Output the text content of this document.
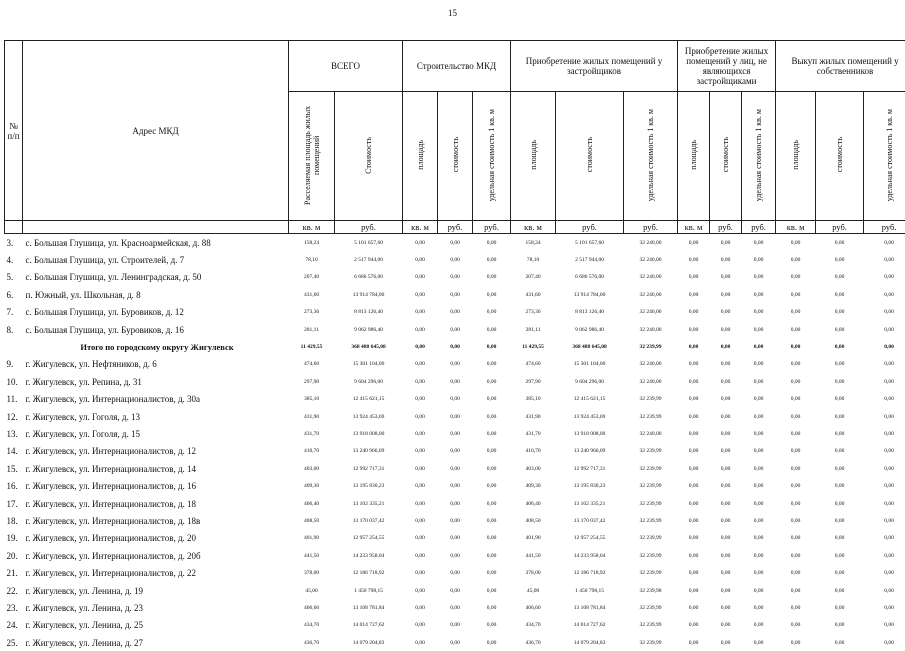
15
№ п/п	Адрес МКД	ВСЕГО		Строительство МКД			Приобретение жилых помещений у застройщиков			Приобретение жилых помещений у лиц, не являющихся застройщиками			Выкуп жилых помещений у собственников		
		Расселяемая площадь жилых помещений	Стоимость	площадь	стоимость	удельная стоимость 1 кв. м	площадь	стоимость	удельная стоимость 1 кв. м	площадь	стоимость	удельная стоимость 1 кв. м	площадь	стоимость	удельная стоимость 1 кв. м
		кв. м	руб.	кв. м	руб.	руб.	кв. м	руб.	руб.	кв. м	руб.	руб.	кв. м	руб.	руб.
3.	с. Большая Глушица, ул. Красноармейская, д. 88	158,24	5 101 657,60	0,00	0,00	0,00	158,24	5 101 657,60	32 240,00	0,00	0,00	0,00	0,00	0,00	0,00
4.	с. Большая Глушица, ул. Строителей, д. 7	78,10	2 517 944,00	0,00	0,00	0,00	78,10	2 517 944,00	32 240,00	0,00	0,00	0,00	0,00	0,00	0,00
5.	с. Большая Глушица, ул. Ленинградская, д. 50	207,40	6 686 576,00	0,00	0,00	0,00	207,40	6 686 576,00	32 240,00	0,00	0,00	0,00	0,00	0,00	0,00
6.	п. Южный, ул. Школьная, д. 8	431,60	13 914 784,00	0,00	0,00	0,00	431,60	13 914 784,00	32 240,00	0,00	0,00	0,00	0,00	0,00	0,00
7.	с. Большая Глушица, ул. Буровиков, д. 12	273,36	8 813 126,40	0,00	0,00	0,00	273,36	8 813 126,40	32 240,00	0,00	0,00	0,00	0,00	0,00	0,00
8.	с. Большая Глушица, ул. Буровиков, д. 16	281,11	9 062 986,40	0,00	0,00	0,00	281,11	9 062 986,40	32 240,00	0,00	0,00	0,00	0,00	0,00	0,00
	Итого по городскому округу Жигулевск	11 429,55	368 488 645,08	0,00	0,00	0,00	11 429,55	368 488 645,08	32 239,99	0,00	0,00	0,00	0,00	0,00	0,00
9.	г. Жигулевск, ул. Нефтяников, д. 6	474,60	15 301 104,00	0,00	0,00	0,00	474,60	15 301 104,00	32 240,00	0,00	0,00	0,00	0,00	0,00	0,00
10.	г. Жигулевск, ул. Репина, д. 31	297,90	9 604 296,00	0,00	0,00	0,00	297,90	9 604 296,00	32 240,00	0,00	0,00	0,00	0,00	0,00	0,00
11.	г. Жигулевск, ул. Интернационалистов, д. 30а	385,10	12 415 621,15	0,00	0,00	0,00	385,10	12 415 621,15	32 239,99	0,00	0,00	0,00	0,00	0,00	0,00
12.	г. Жигулевск, ул. Гоголя, д. 13	431,90	13 924 453,69	0,00	0,00	0,00	431,90	13 924 453,69	32 239,99	0,00	0,00	0,00	0,00	0,00	0,00
13.	г. Жигулевск, ул. Гоголя, д. 15	431,70	13 918 008,00	0,00	0,00	0,00	431,70	13 918 008,00	32 240,00	0,00	0,00	0,00	0,00	0,00	0,00
14.	г. Жигулевск, ул. Интернационалистов, д. 12	410,70	13 240 966,09	0,00	0,00	0,00	410,70	13 240 966,09	32 239,99	0,00	0,00	0,00	0,00	0,00	0,00
15.	г. Жигулевск, ул. Интернационалистов, д. 14	403,00	12 992 717,31	0,00	0,00	0,00	403,00	12 992 717,31	32 239,99	0,00	0,00	0,00	0,00	0,00	0,00
16.	г. Жигулевск, ул. Интернационалистов, д. 16	409,30	13 195 830,23	0,00	0,00	0,00	409,30	13 195 830,23	32 239,99	0,00	0,00	0,00	0,00	0,00	0,00
17.	г. Жигулевск, ул. Интернационалистов, д. 18	406,40	13 102 335,21	0,00	0,00	0,00	406,40	13 102 335,21	32 239,99	0,00	0,00	0,00	0,00	0,00	0,00
18.	г. Жигулевск, ул. Интернационалистов, д. 18в	408,50	13 170 037,42	0,00	0,00	0,00	408,50	13 170 037,42	32 239,99	0,00	0,00	0,00	0,00	0,00	0,00
19.	г. Жигулевск, ул. Интернационалистов, д. 20	401,90	12 957 254,55	0,00	0,00	0,00	401,90	12 957 254,55	32 239,99	0,00	0,00	0,00	0,00	0,00	0,00
20.	г. Жигулевск, ул. Интернационалистов, д. 20б	441,50	14 233 958,04	0,00	0,00	0,00	441,50	14 233 958,04	32 239,99	0,00	0,00	0,00	0,00	0,00	0,00
21.	г. Жигулевск, ул. Интернационалистов, д. 22	378,00	12 186 718,92	0,00	0,00	0,00	378,00	12 186 718,92	32 239,99	0,00	0,00	0,00	0,00	0,00	0,00
22.	г. Жигулевск, ул. Ленина, д. 19	45,00	1 450 798,15	0,00	0,00	0,00	45,00	1 450 798,15	32 239,98	0,00	0,00	0,00	0,00	0,00	0,00
23.	г. Жигулевск, ул. Ленина, д. 23	406,60	13 108 781,84	0,00	0,00	0,00	406,60	13 108 781,84	32 239,99	0,00	0,00	0,00	0,00	0,00	0,00
24.	г. Жигулевск, ул. Ленина, д. 25	434,70	14 014 727,62	0,00	0,00	0,00	434,70	14 014 727,62	32 239,99	0,00	0,00	0,00	0,00	0,00	0,00
25.	г. Жигулевск, ул. Ленина, д. 27	436,70	14 079 204,83	0,00	0,00	0,00	436,70	14 079 204,83	32 239,99	0,00	0,00	0,00	0,00	0,00	0,00
